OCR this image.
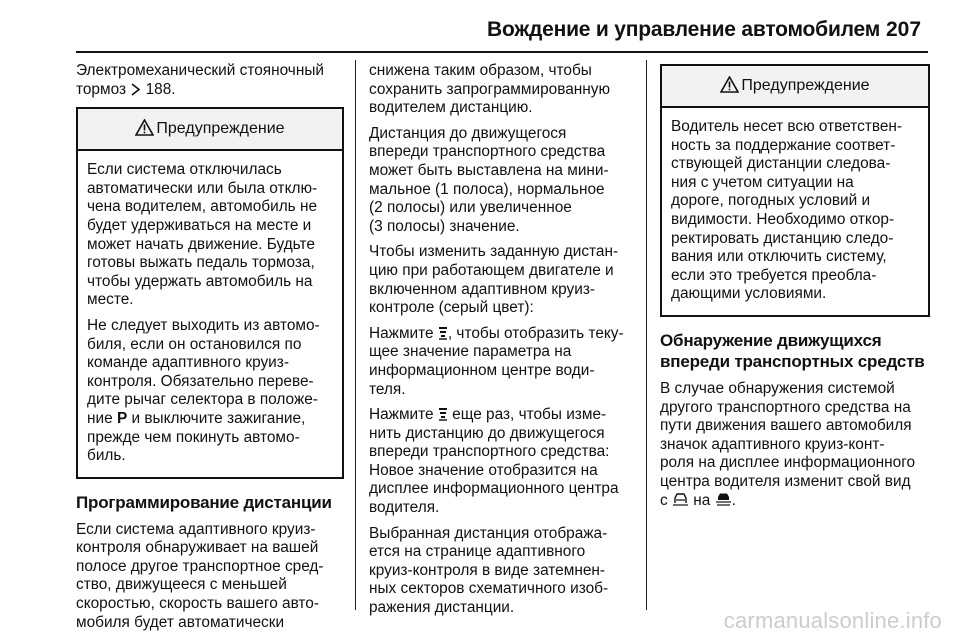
Вождение и управление автомобилем 207

Электромеханический стояночный
тормоз 188.

Предупреждение

Если система отключилась
автоматически или была отклю-
чена водителем, автомобиль не
будет удерживаться на месте и
может начать движение. Будьте
готовы выжать педаль тормоза,
чтобы удержать автомобиль на
месте.

Не следует выходить из автомо-
биля, если он остановился по
команде адаптивного круиз-
контроля. Обязательно переве-
дите рычаг селектора в положе-
ние P и выключите зажигание,
прежде чем покинуть автомо-
биль.

Программирование дистанции

Если система адаптивного круиз-
контроля обнаруживает на вашей
полосе другое транспортное сред-
ство, движущееся с меньшей
скоростью, скорость вашего авто-
мобиля будет автоматически

снижена таким образом, чтобы
сохранить запрограммированную
водителем дистанцию.

Дистанция до движущегося
впереди транспортного средства
может быть выставлена на мини-
мальное (1 полоса), нормальное
(2 полосы) или увеличенное
(3 полосы) значение.

Чтобы изменить заданную дистан-
цию при работающем двигателе и
включенном адаптивном круиз-
контроле (серый цвет):

Нажмите , чтобы отобразить теку-
щее значение параметра на
информационном центре води-
теля.

Нажмите еще раз, чтобы изме-
нить дистанцию до движущегося
впереди транспортного средства:
Новое значение отобразится на
дисплее информационного центра
водителя.

Выбранная дистанция отобража-
ется на странице адаптивного
круиз-контроля в виде затемнен-
ных секторов схематичного изоб-
ражения дистанции.

Предупреждение

Водитель несет всю ответствен-
ность за поддержание соответ-
ствующей дистанции следова-
ния с учетом ситуации на
дороге, погодных условий и
видимости. Необходимо откор-
ректировать дистанцию следо-
вания или отключить систему,
если это требуется преобла-
дающими условиями.

Обнаружение движущихся
впереди транспортных средств

В случае обнаружения системой
другого транспортного средства на
пути движения вашего автомобиля
значок адаптивного круиз-конт-
роля на дисплее информационного
центра водителя изменит свой вид
с на .

carmanualsonline.info
